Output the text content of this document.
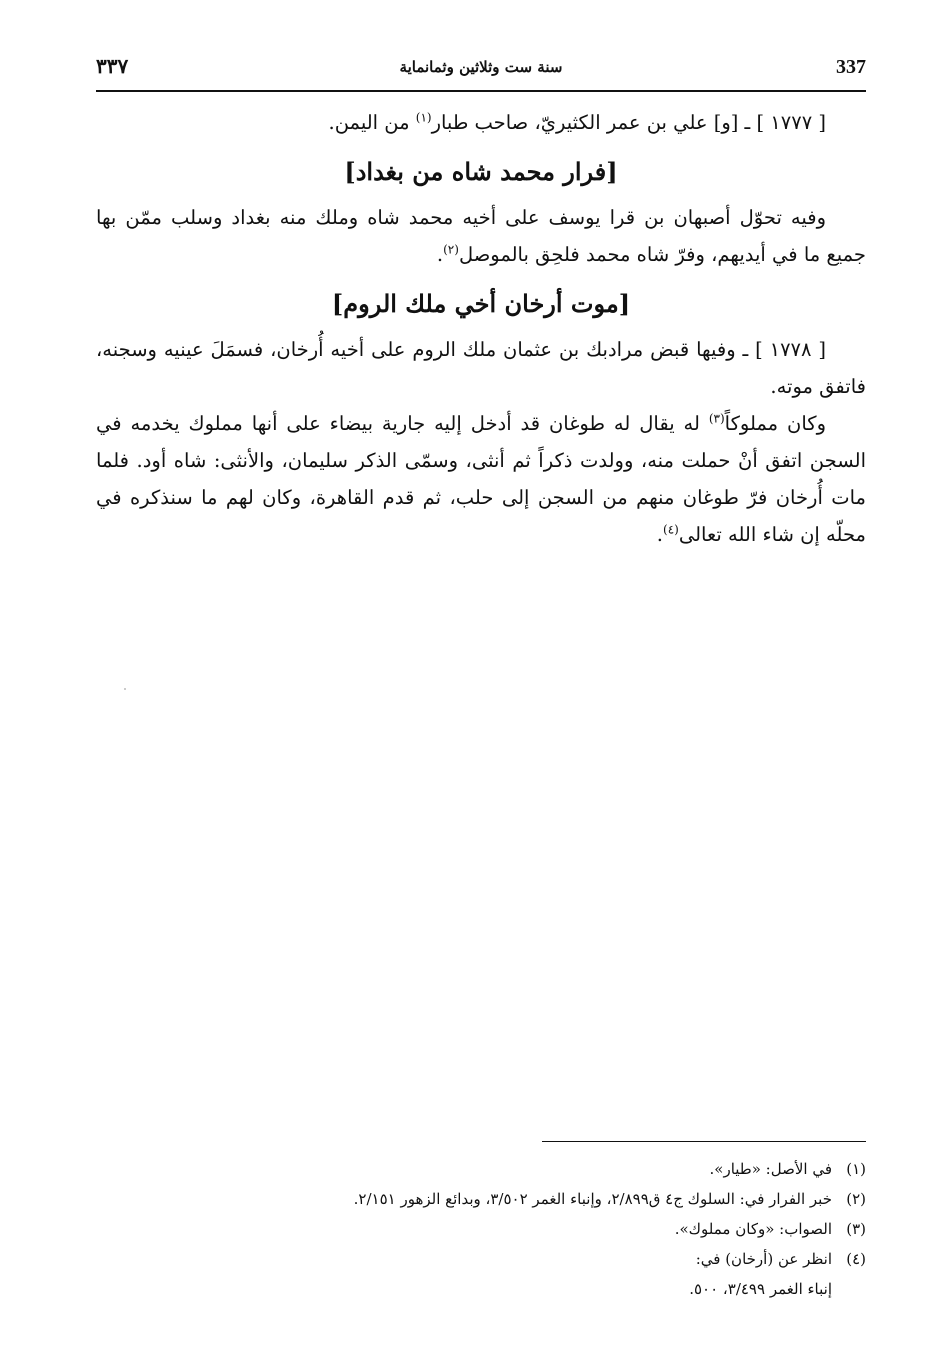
337
سنة ست وثلاثين وثمانماية
٣٣٧

[ ١٧٧٧ ] ـ [و] علي بن عمر الكثيريّ، صاحب طبار$^{(١)}$ من اليمن.

[فرار محمد شاه من بغداد]

وفيه تحوّل أصبهان بن قرا يوسف على أخيه محمد شاه وملك منه بغداد وسلب ممّن بها جميع ما في أيديهم، وفرّ شاه محمد فلحِق بالموصل$^{(٢)}$.

[موت أرخان أخي ملك الروم]

[ ١٧٧٨ ] ـ وفيها قبض مرادبك بن عثمان ملك الروم على أخيه أُرخان، فسمَلَ عينيه وسجنه، فاتفق موته.

وكان مملوكاً$^{(٣)}$ له يقال له طوغان قد أدخل إليه جارية بيضاء على أنها مملوك يخدمه في السجن اتفق أنْ حملت منه، وولدت ذكراً ثم أنثى، وسمّى الذكر سليمان، والأنثى: شاه أود. فلما مات أُرخان فرّ طوغان منهم من السجن إلى حلب، ثم قدم القاهرة، وكان لهم ما سنذكره في محلّه إن شاء الله تعالى$^{(٤)}$.

(١)في الأصل: «طيار».

(٢)خبر الفرار في: السلوك ج٤ ق٢/٨٩٩، وإنباء الغمر ٣/٥٠٢، وبدائع الزهور ٢/١٥١.

(٣)الصواب: «وكان مملوك».

(٤)انظر عن (أرخان) في:

إنباء الغمر ٣/٤٩٩، ٥٠٠.
